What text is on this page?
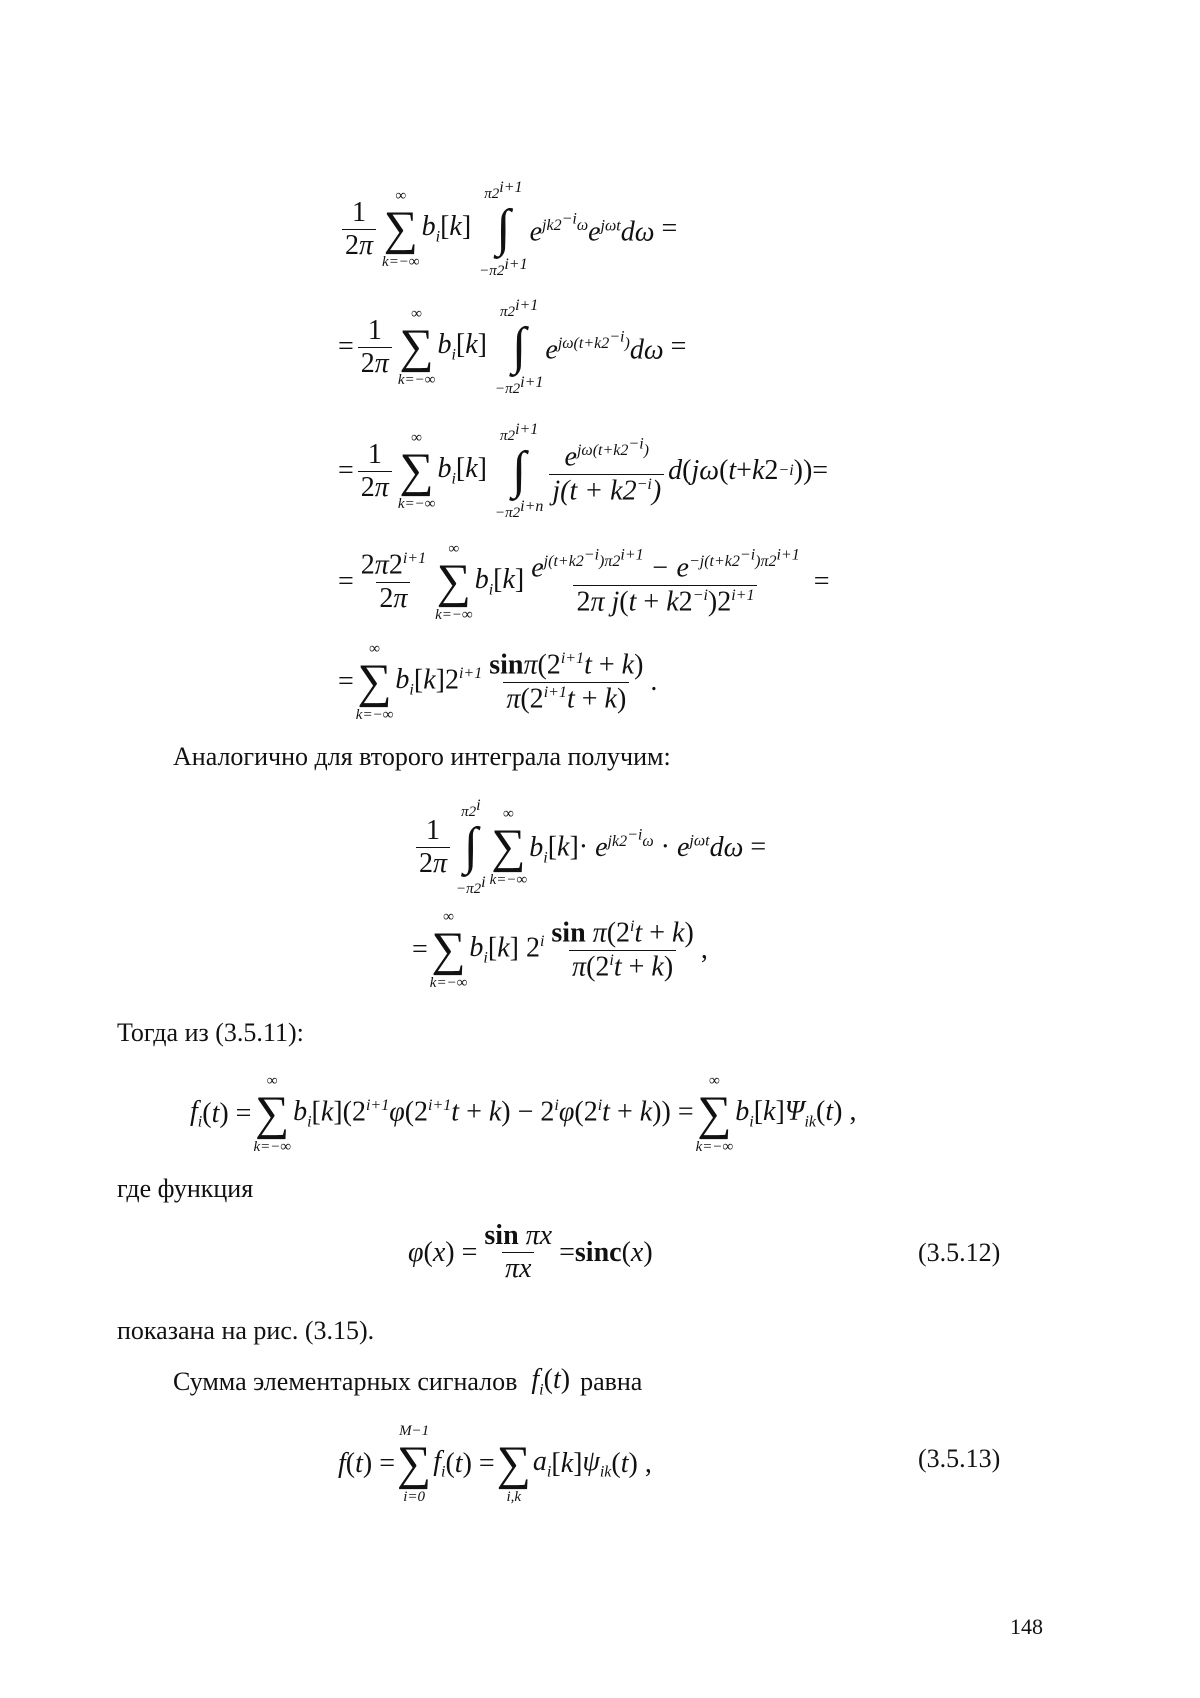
$\frac{1}{2\pi}$
∞
∑
k=−∞
$b_i[k]$
$\pi 2^{i+1}$
∫
$-\pi 2^{i+1}$
$e^{jk2^{-i}\omega}e^{j\omega t}d\omega$ =
= $\frac{1}{2\pi}$
∞
∑
k=−∞
$b_i[k]$
$\pi 2^{i+1}$
∫
$-\pi 2^{i+1}$
$e^{j\omega(t+k2^{-i})}d\omega$ =
= $\frac{1}{2\pi}$
∞
∑
k=−∞
$b_i[k]$
$\pi 2^{i+1}$
∫
$-\pi 2^{i+n}$
$\frac{e^{j\omega(t+k2^{-i})}}{j(t + k2^{-i})}$ d ( jω ( t + k 2 −i ))=
= $\frac{2\pi 2^{i+1}}{2\pi}$
∞
∑
k=−∞
$b_i[k] \frac{e^{j(t+k2^{-i})\pi 2^{i+1}} - e^{-j(t+k2^{-i})\pi 2^{i+1}}}{2\pi j(t + k2^{-i})2^{i+1}}$ =
=
∞
∑
k=−∞
$b_i[k]2^{i+1} \frac{\sin\pi(2^{i+1}t + k)}{\pi(2^{i+1}t + k)}$ .
Аналогично для второго интеграла получим:
$\frac{1}{2\pi}$
π2$^i$
∫
$-\pi 2^i$
∞
∑
k=−∞
$b_i[k]\cdot e^{jk2^{-i}\omega} \cdot e^{j\omega t}d\omega$ =
=
∞
∑
k=−∞
$b_i[k]$ $2^i \frac{\sin \pi(2^it + k)}{\pi(2^it + k)}$ ,
Тогда из (3.5.11):
$f_i$ ( t ) =
∞
∑
k=−∞
$b_i[k](2^{i+1}\varphi(2^{i+1}t + k) - 2^i\varphi(2^it + k))$ =
∞
∑
k=−∞
$b_i[k]\Psi_{ik}(t)$ ,
где функция
φ ( x ) = $\frac{\text{sin πx}}{\pi x} = \sin c$ ( x )	(3.5.12)
показана на рис. (3.15).
Сумма элементарных сигналов $f_i(t)$ равна
f ( t ) =
M−1
∑
i=0
$f_i$ ( t ) =
∑
i,k
$a_i$ [ k ] $\psi_{ik}$ ( t ) ,	(3.5.13)
148
